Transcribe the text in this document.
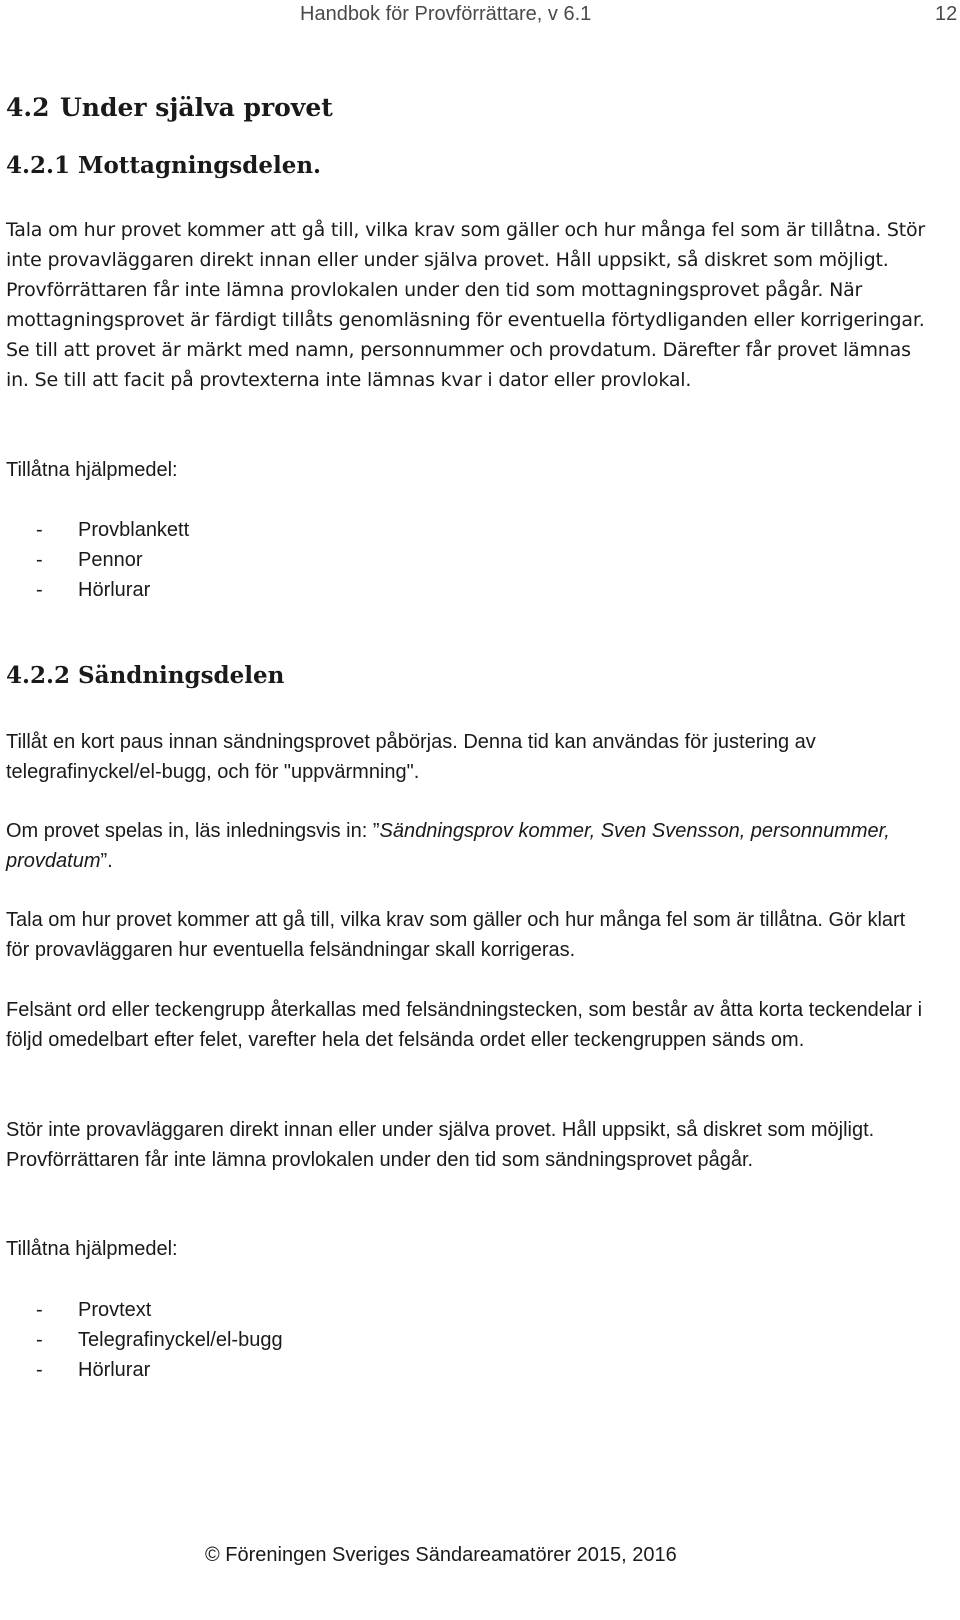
Handbok för Provförrättare, v 6.1	12
4.2 Under själva provet
4.2.1 Mottagningsdelen.

Tala om hur provet kommer att gå till, vilka krav som gäller och hur många fel som är tillåtna. Stör inte provavläggaren direkt innan eller under själva provet. Håll uppsikt, så diskret som möjligt. Provförrättaren får inte lämna provlokalen under den tid som mottagningsprovet pågår. När mottagningsprovet är färdigt tillåts genomläsning för eventuella förtydliganden eller korrigeringar. Se till att provet är märkt med namn, personnummer och provdatum. Därefter får provet lämnas in. Se till att facit på provtexterna inte lämnas kvar i dator eller provlokal.

Tillåtna hjälpmedel:

- Provblankett
- Pennor
- Hörlurar
4.2.2 Sändningsdelen

Tillåt en kort paus innan sändningsprovet påbörjas. Denna tid kan användas för justering av telegrafinyckel/el-bugg, och för "uppvärmning".

Om provet spelas in, läs inledningsvis in: ”Sändningsprov kommer, Sven Svensson, personnummer, provdatum”.

Tala om hur provet kommer att gå till, vilka krav som gäller och hur många fel som är tillåtna. Gör klart för provavläggaren hur eventuella felsändningar skall korrigeras.

Felsänt ord eller teckengrupp återkallas med felsändningstecken, som består av åtta korta teckendelar i följd omedelbart efter felet, varefter hela det felsända ordet eller teckengruppen sänds om.

Stör inte provavläggaren direkt innan eller under själva provet. Håll uppsikt, så diskret som möjligt. Provförrättaren får inte lämna provlokalen under den tid som sändningsprovet pågår.

Tillåtna hjälpmedel:

- Provtext
- Telegrafinyckel/el-bugg
- Hörlurar
© Föreningen Sveriges Sändareamatörer 2015, 2016
